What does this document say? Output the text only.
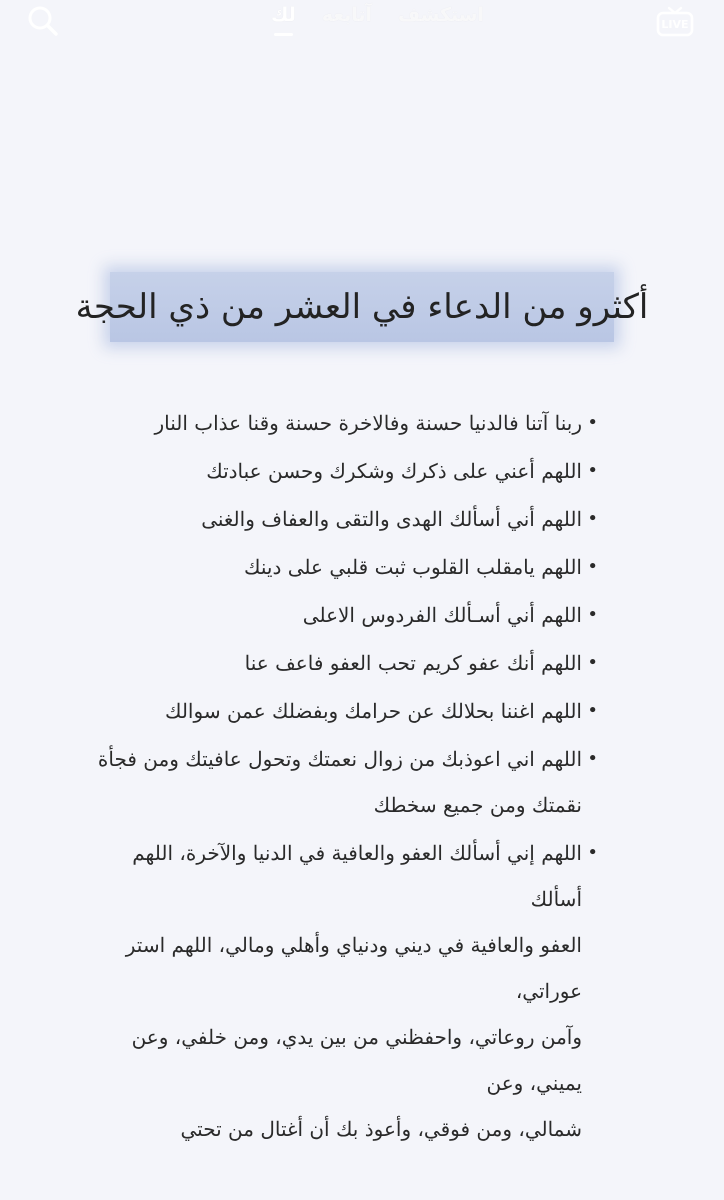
أكثرو من الدعاء في العشر من ذي الحجة
• ربنا آتنا فالدنيا حسنة وفالاخرة حسنة وقنا عذاب النار
• اللهم أعني على ذكرك وشكرك وحسن عبادتك
• اللهم أني أسألك الهدى والتقى والعفاف والغنى
• اللهم يامقلب القلوب ثبت قلبي على دينك
• اللهم أني أسـألك الفردوس الاعلى
• اللهم أنك عفو كريم تحب العفو فاعف عنا
• اللهم اغننا بحلالك عن حرامك وبفضلك عمن سوالك
• اللهم اني اعوذبك من زوال نعمتك وتحول عافيتك ومن فجأة
نقمتك ومن جميع سخطك
• اللهم إني أسألك العفو والعافية في الدنيا والآخرة، اللهم أسألك
العفو والعافية في ديني ودنياي وأهلي ومالي، اللهم استر عوراتي،
وآمن روعاتي، واحفظني من بين يدي، ومن خلفي، وعن يميني، وعن
شمالي، ومن فوقي، وأعوذ بك أن أغتال من تحتي
استكشف
آتابعه
لك	LIVE
